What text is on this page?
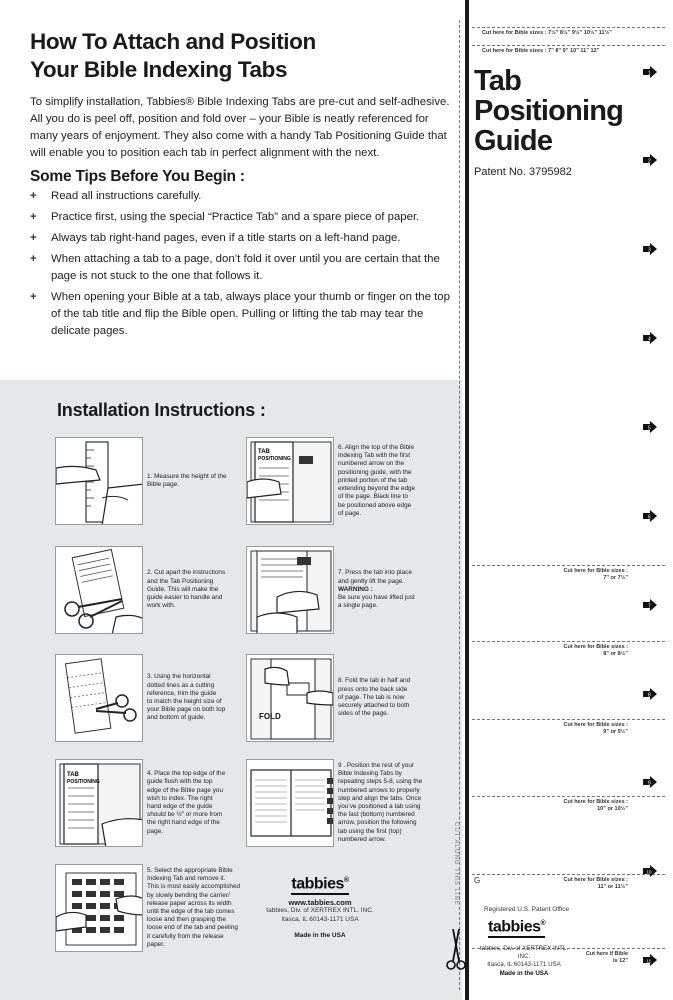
How To Attach and Position
Your Bible Indexing Tabs

To simplify installation, Tabbies® Bible Indexing Tabs are pre-cut and self-adhesive. All you do is peel off, position and fold over – your Bible is neatly referenced for many years of enjoyment. They also come with a handy Tab Positioning Guide that will enable you to position each tab in perfect alignment with the next.

Some Tips Before You Begin :
+ Read all instructions carefully.
+ Practice first, using the special “Practice Tab” and a spare piece of paper.
+ Always tab right-hand pages, even if a title starts on a left-hand page.
+ When attaching a tab to a page, don’t fold it over until you are certain that the page is not stuck to the one that follows it.
+ When opening your Bible at a tab, always place your thumb or finger on the top of the tab title and flip the Bible open. Pulling or lifting the tab may tear the delicate pages.
Installation Instructions :
1. Measure the height of the
Bible page.
2. Cut apart the instructions
and the Tab Positioning
Guide. This will make the
guide easier to handle and
work with.
3. Using the horizontal
dotted lines as a cutting
reference, trim the guide
to match the height size of
your Bible page on both top
and bottom of guide.
TAB
POSITIONING
4. Place the top edge of the
guide flush with the top
edge of the Bible page you
wish to index. The right
hand edge of the guide
should be ½” or more from
the right hand edge of the
page.
5. Select the appropriate Bible
Indexing Tab and remove it.
This is most easily accomplished
by slowly bending the carrier/
release paper across its width
until the edge of the tab comes
loose and then grasping the
loose end of the tab and peeling
it carefully from the release
paper.
TAB
POSITIONING
6. Align the top of the Bible
Indexing Tab with the first
numbered arrow on the
positioning guide, with the
printed portion of the tab
extending beyond the edge
of the page. Black line to
be positioned above edge
of page.
7. Press the tab into place
and gently lift the page.
WARNING :
Be sure you have lifted just
a single page.
FOLD
8. Fold the tab in half and
press onto the back side
of page. The tab is now
securely attached to both
sides of the page.
9 . Position the rest of your
Bible Indexing Tabs by
repeating steps 5-8, using the
numbered arrows to properly
step and align the tabs. Once
you’ve positioned a tab using
the last (bottom) numbered
arrow, position the following
tab using the first (top)
numbered arrow.
tabbies®
www.tabbies.com
tabbies, Div. of XERTREX INTL. INC.
Itasca, IL 60143-1171 USA
Made in the USA
CUT ALONG THIS LINE G
Cut here for Bible sizes : 7½” 8½” 9½” 10½” 11½”
Cut here for Bible sizes : 7” 8” 9” 10” 11” 12”
Tab
Positioning
Guide
Patent No. 3795982
Cut here for Bible sizes :
7” or 7½”
Cut here for Bible sizes :
8” or 8½”
Cut here for Bible sizes :
9” or 9½”
Cut here for Bible sizes :
10” or 10½”
Cut here for Bible sizes :
11” or 11½”
Cut here if Bible
is 12”
1
2
3
4
5
6
7
8
9
10
11
Registered U.S. Patent Office
tabbies®
tabbies, Div. of XERTREX INTL. INC.
Itasca, IL 60143-1171 USA
Made in the USA
